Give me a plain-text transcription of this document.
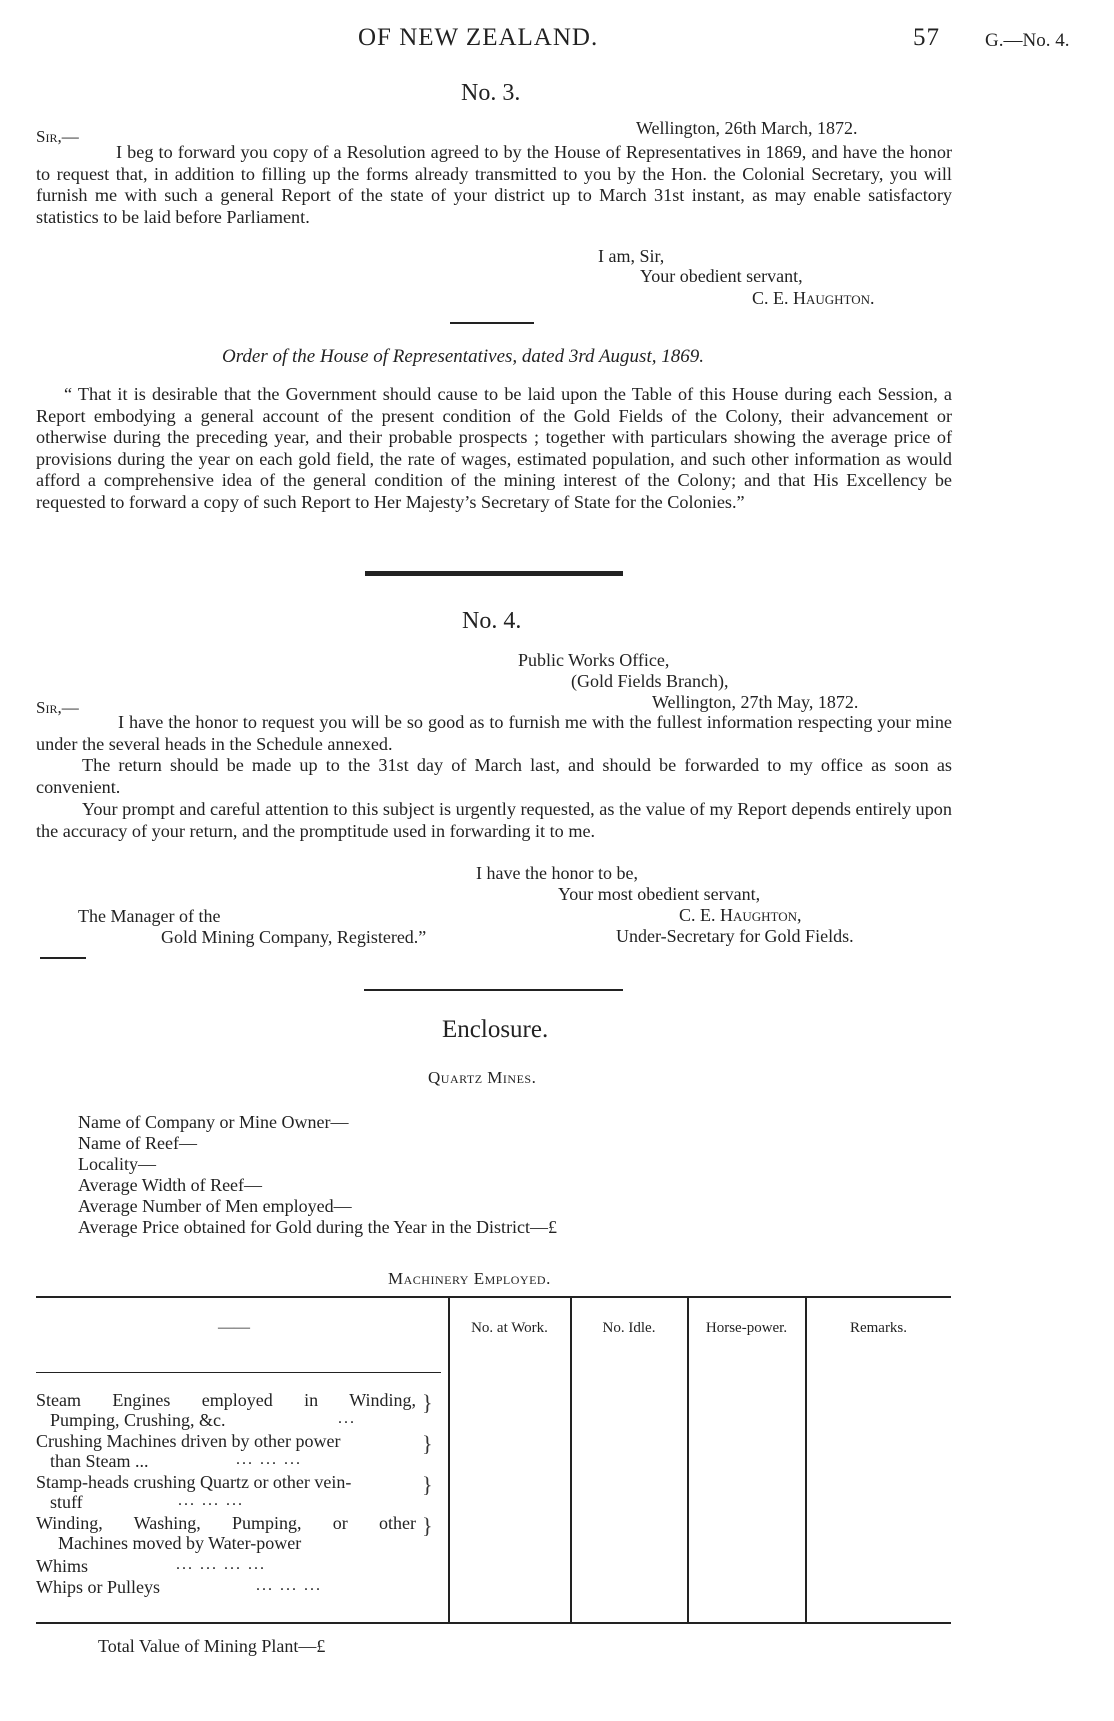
OF NEW ZEALAND.	57 G.—No. 4.
No. 3.
Sir,—	Wellington, 26th March, 1872.
I beg to forward you copy of a Resolution agreed to by the House of Representatives in 1869, and have the honor to request that, in addition to filling up the forms already transmitted to you by the Hon. the Colonial Secretary, you will furnish me with such a general Report of the state of your district up to March 31st instant, as may enable satisfactory statistics to be laid before Parliament.
I am, Sir,
Your obedient servant,
C. E. Haughton.
Order of the House of Representatives, dated 3rd August, 1869.
“ That it is desirable that the Government should cause to be laid upon the Table of this House during each Session, a Report embodying a general account of the present condition of the Gold Fields of the Colony, their advancement or otherwise during the preceding year, and their probable prospects ; together with particulars showing the average price of provisions during the year on each gold field, the rate of wages, estimated population, and such other information as would afford a comprehensive idea of the general condition of the mining interest of the Colony; and that His Excellency be requested to forward a copy of such Report to Her Majesty’s Secretary of State for the Colonies.”
No. 4.
Public Works Office,
(Gold Fields Branch),
Sir,—	Wellington, 27th May, 1872.
I have the honor to request you will be so good as to furnish me with the fullest information respecting your mine under the several heads in the Schedule annexed.
The return should be made up to the 31st day of March last, and should be forwarded to my office as soon as convenient.
Your prompt and careful attention to this subject is urgently requested, as the value of my Report depends entirely upon the accuracy of your return, and the promptitude used in forwarding it to me.
I have the honor to be,
Your most obedient servant,
C. E. Haughton,
Under-Secretary for Gold Fields.
The Manager of the
Gold Mining Company, Registered.”
Enclosure.
Quartz Mines.
Name of Company or Mine Owner—
Name of Reef—
Locality—
Average Width of Reef—
Average Number of Men employed—
Average Price obtained for Gold during the Year in the District—£
Machinery Employed.
——	No. at Work.	No. Idle.	Horse-power.	Remarks.
Steam Engines employed in Winding,
Pumping, Crushing, &c.	...
}
Crushing Machines driven by other power
than Steam ...	... ... ...
}
Stamp-heads crushing Quartz or other vein-
stuff	... ... ...
}
Winding, Washing, Pumping, or other
Machines moved by Water-power
}
Whims	... ... ... ...
Whips or Pulleys	... ... ...
Total Value of Mining Plant—£
